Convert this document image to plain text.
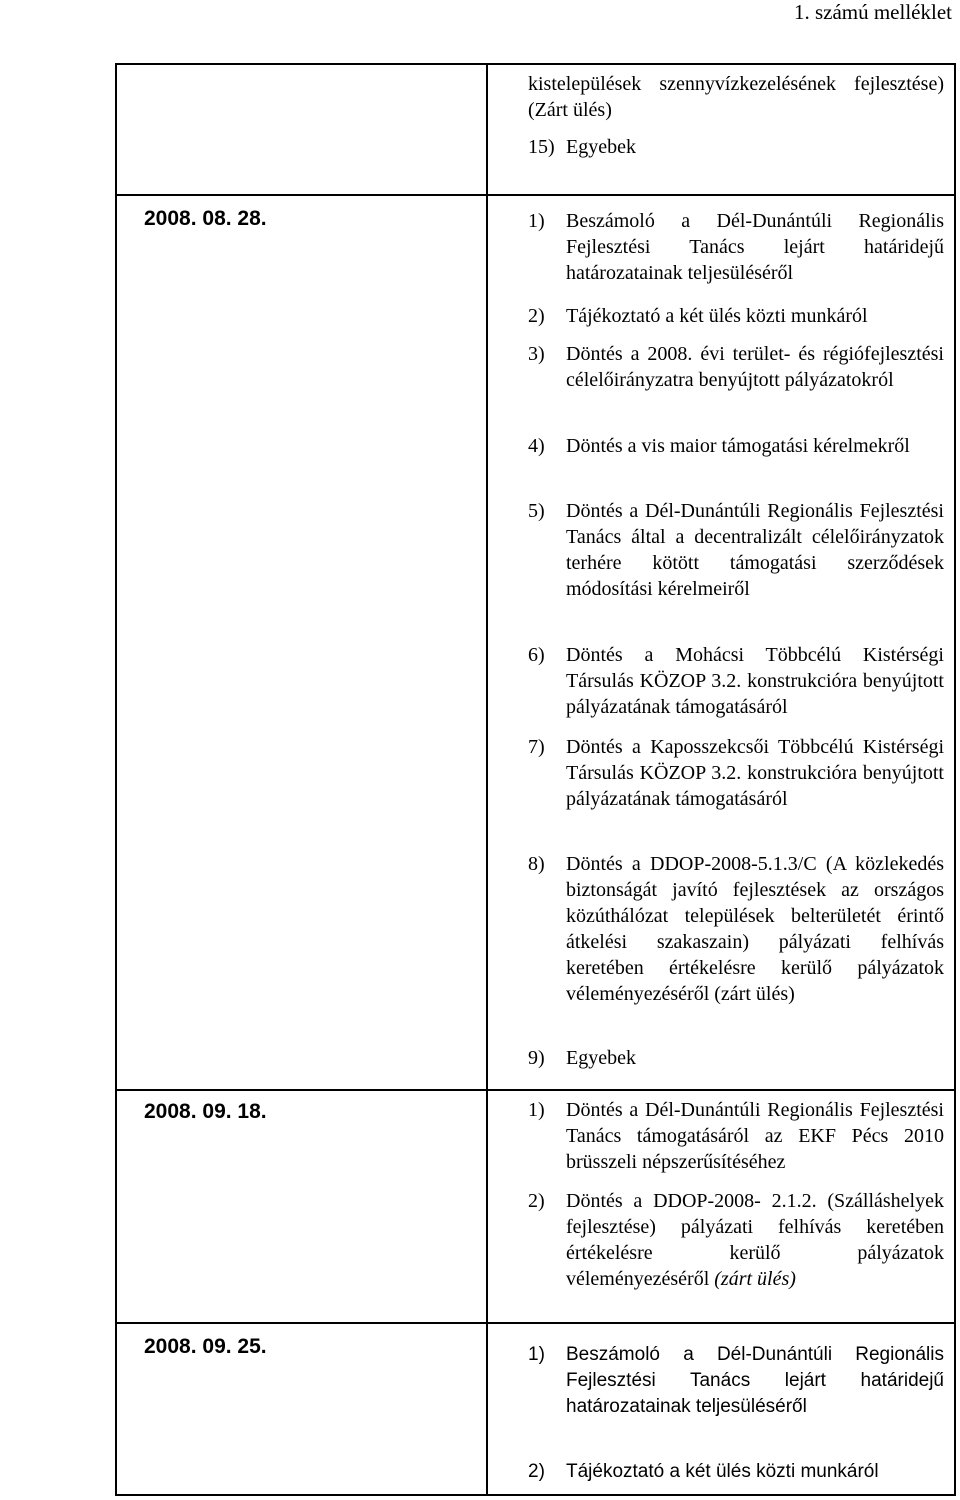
1. számú melléklet
kistelepülések szennyvízkezelésének fejlesztése) (Zárt ülés)
15) Egyebek
2008. 08. 28.	1)	Beszámoló a Dél-Dunántúli Regionális Fejlesztési Tanács lejárt határidejű határozatainak teljesüléséről
2)	Tájékoztató a két ülés közti munkáról
3)	Döntés a 2008. évi terület- és régiófejlesztési célelőirányzatra benyújtott pályázatokról
4)	Döntés a vis maior támogatási kérelmekről
5)	Döntés a Dél-Dunántúli Regionális Fejlesztési Tanács által a decentralizált célelőirányzatok terhére kötött támogatási szerződések módosítási kérelmeiről
6)	Döntés a Mohácsi Többcélú Kistérségi Társulás KÖZOP 3.2. konstrukcióra benyújtott pályázatának támogatásáról
7)	Döntés a Kaposszekcsői Többcélú Kistérségi Társulás KÖZOP 3.2. konstrukcióra benyújtott pályázatának támogatásáról
8)	Döntés a DDOP-2008-5.1.3/C (A közlekedés biztonságát javító fejlesztések az országos közúthálózat települések belterületét érintő átkelési szakaszain) pályázati felhívás keretében értékelésre kerülő pályázatok véleményezéséről (zárt ülés)
9)	Egyebek
2008. 09. 18.	1)	Döntés a Dél-Dunántúli Regionális Fejlesztési Tanács támogatásáról az EKF Pécs 2010 brüsszeli népszerűsítéséhez
2)	Döntés a DDOP-2008- 2.1.2. (Szálláshelyek fejlesztése) pályázati felhívás keretében értékelésre kerülő pályázatok véleményezéséről (zárt ülés)
2008. 09. 25.	1)	Beszámoló a Dél-Dunántúli Regionális Fejlesztési Tanács lejárt határidejű határozatainak teljesüléséről
2)	Tájékoztató a két ülés közti munkáról
